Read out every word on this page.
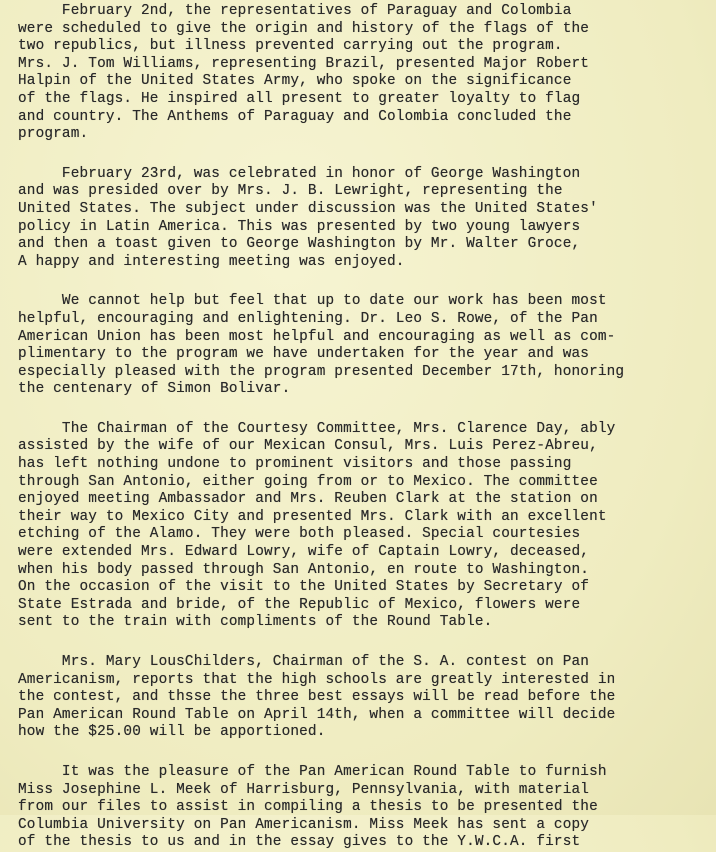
February 2nd, the representatives of Paraguay and Colombia
were scheduled to give the origin and history of the flags of the
two republics, but illness prevented carrying out the program.
Mrs. J. Tom Williams, representing Brazil, presented Major Robert
Halpin of the United States Army, who spoke on the significance
of the flags. He inspired all present to greater loyalty to flag
and country. The Anthems of Paraguay and Colombia concluded the
program.
February 23rd, was celebrated in honor of George Washington
and was presided over by Mrs. J. B. Lewright, representing the
United States. The subject under discussion was the United States'
policy in Latin America. This was presented by two young lawyers
and then a toast given to George Washington by Mr. Walter Groce,
A happy and interesting meeting was enjoyed.
We cannot help but feel that up to date our work has been most
helpful, encouraging and enlightening. Dr. Leo S. Rowe, of the Pan
American Union has been most helpful and encouraging as well as com-
plimentary to the program we have undertaken for the year and was
especially pleased with the program presented December 17th, honoring
the centenary of Simon Bolivar.
The Chairman of the Courtesy Committee, Mrs. Clarence Day, ably
assisted by the wife of our Mexican Consul, Mrs. Luis Perez-Abreu,
has left nothing undone to prominent visitors and those passing
through San Antonio, either going from or to Mexico. The committee
enjoyed meeting Ambassador and Mrs. Reuben Clark at the station on
their way to Mexico City and presented Mrs. Clark with an excellent
etching of the Alamo. They were both pleased. Special courtesies
were extended Mrs. Edward Lowry, wife of Captain Lowry, deceased,
when his body passed through San Antonio, en route to Washington.
On the occasion of the visit to the United States by Secretary of
State Estrada and bride, of the Republic of Mexico, flowers were
sent to the train with compliments of the Round Table.
Mrs. Mary LousChilders, Chairman of the S. A. contest on Pan
Americanism, reports that the high schools are greatly interested in
the contest, and thsse the three best essays will be read before the
Pan American Round Table on April 14th, when a committee will decide
how the $25.00 will be apportioned.
It was the pleasure of the Pan American Round Table to furnish
Miss Josephine L. Meek of Harrisburg, Pennsylvania, with material
from our files to assist in compiling a thesis to be presented the
Columbia University on Pan Americanism. Miss Meek has sent a copy
of the thesis to us and in the essay gives to the Y.W.C.A. first
